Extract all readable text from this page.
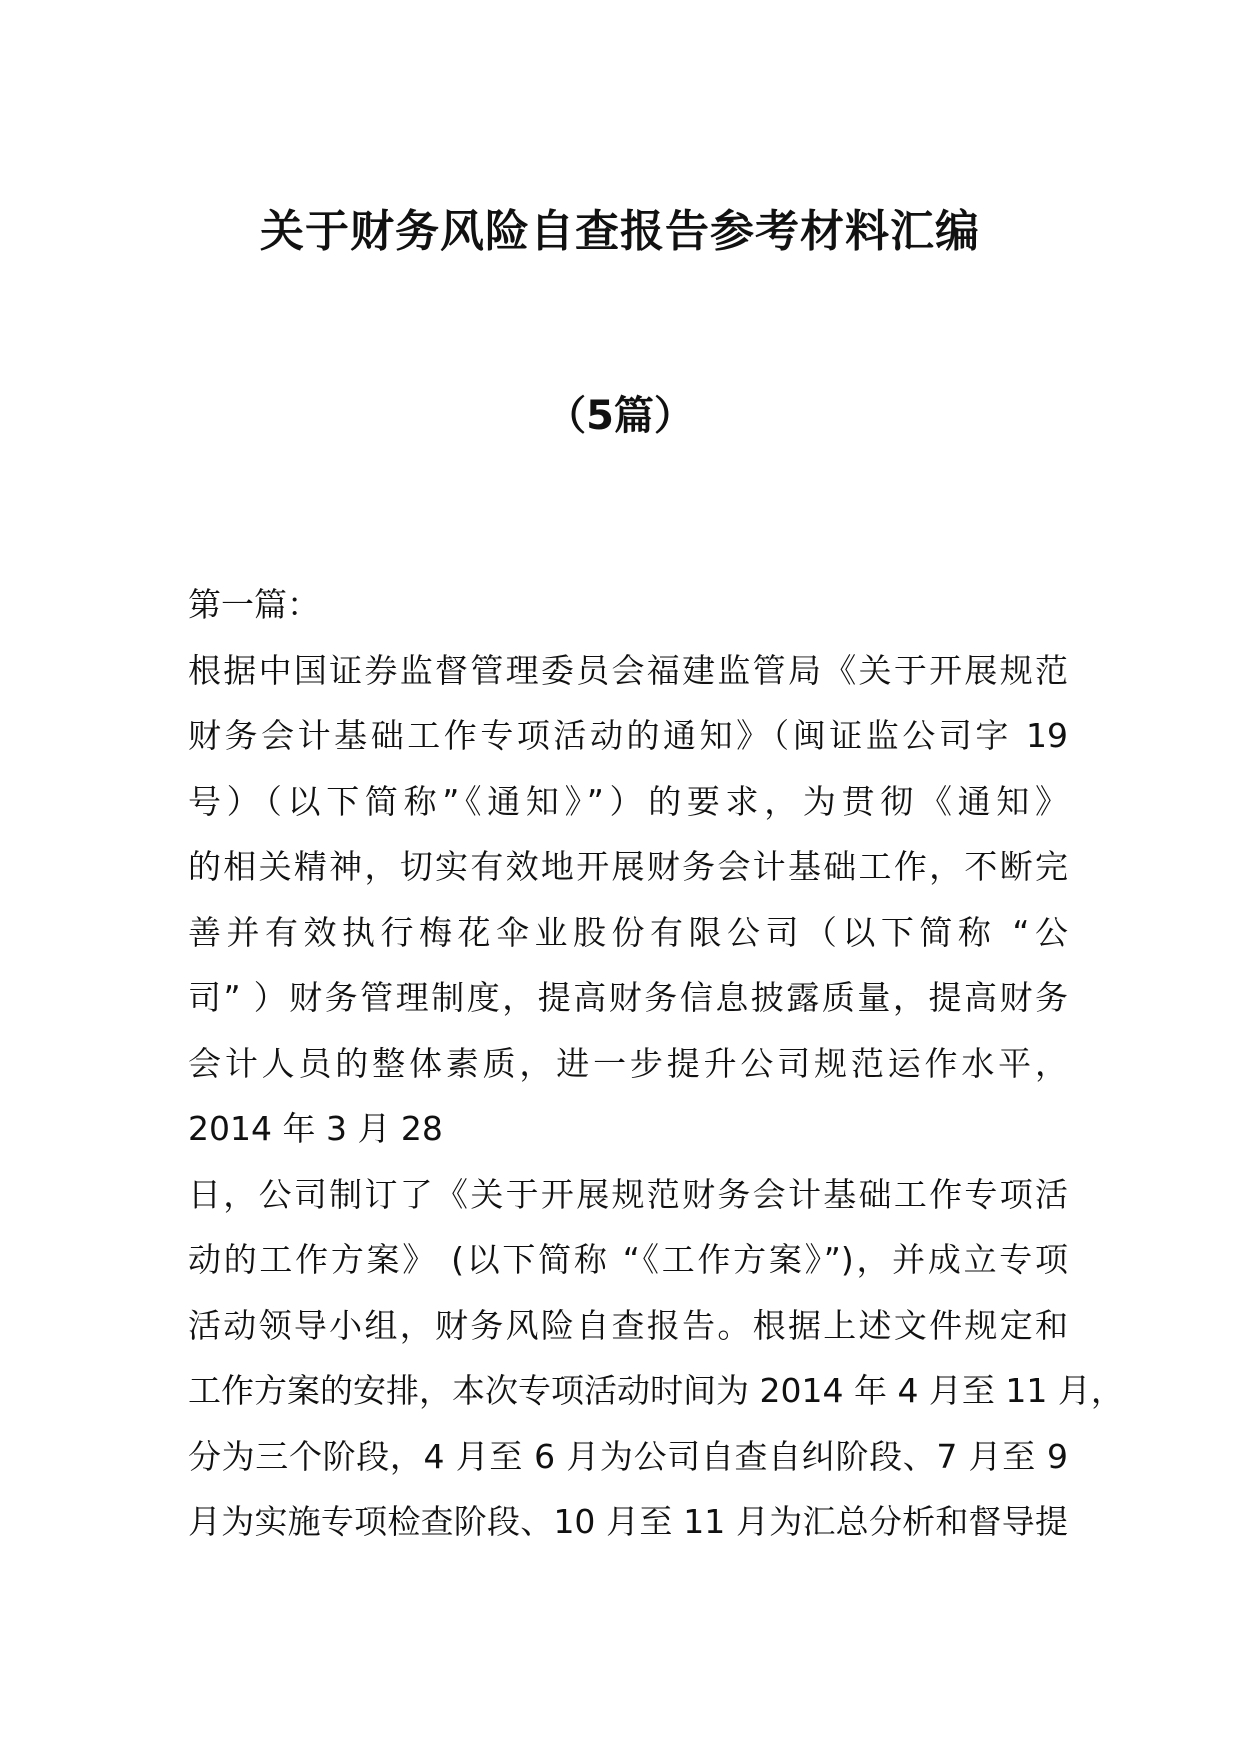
关于财务风险自查报告参考材料汇编
（5篇）
第一篇：
根据中国证券监督管理委员会福建监管局《关于开展规范
财务会计基础工作专项活动的通知》（闽证监公司字 19
号）（以下简称”《通知》”）的要求，为贯彻《通知》
的相关精神，切实有效地开展财务会计基础工作，不断完
善并有效执行梅花伞业股份有限公司（以下简称 “公
司” ）财务管理制度，提高财务信息披露质量，提高财务
会计人员的整体素质，进一步提升公司规范运作水平，
2014 年 3 月 28
日，公司制订了《关于开展规范财务会计基础工作专项活
动的工作方案》 (以下简称 “《工作方案》”)，并成立专项
活动领导小组，财务风险自查报告。根据上述文件规定和
工作方案的安排，本次专项活动时间为 2014 年 4 月至 11 月，
分为三个阶段，4 月至 6 月为公司自查自纠阶段、7 月至 9
月为实施专项检查阶段、10 月至 11 月为汇总分析和督导提
